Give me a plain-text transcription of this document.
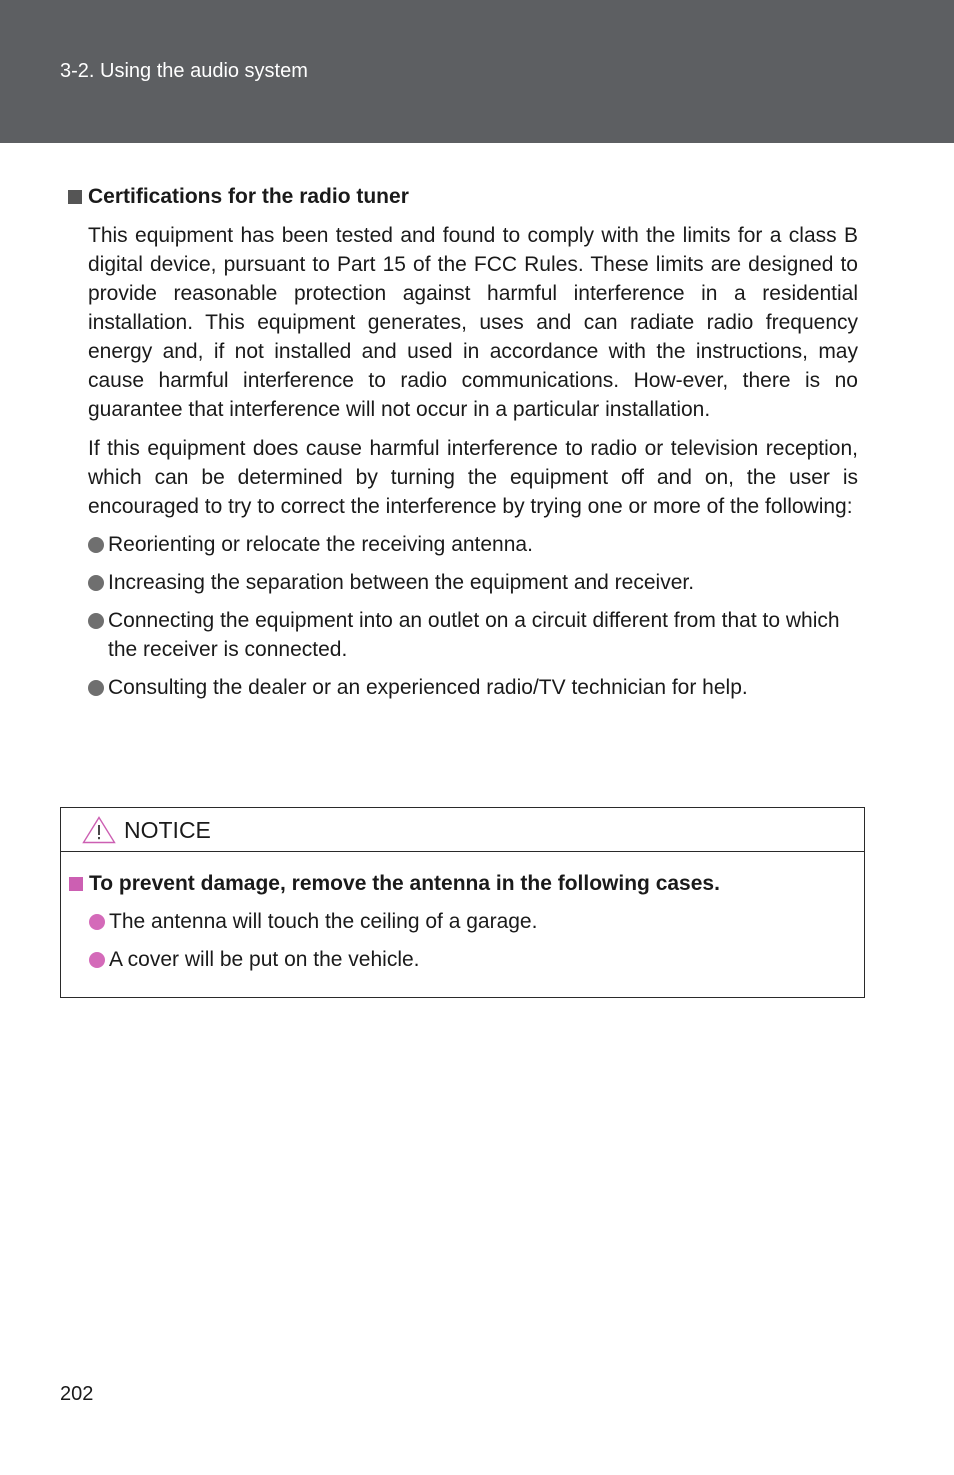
3-2. Using the audio system
Certifications for the radio tuner

This equipment has been tested and found to comply with the limits for a class B digital device, pursuant to Part 15 of the FCC Rules. These limits are designed to provide reasonable protection against harmful interference in a residential installation. This equipment generates, uses and can radiate radio frequency energy and, if not installed and used in accordance with the instructions, may cause harmful interference to radio communications. How-ever, there is no guarantee that interference will not occur in a particular installation.

If this equipment does cause harmful interference to radio or television reception, which can be determined by turning the equipment off and on, the user is encouraged to try to correct the interference by trying one or more of the following:

Reorienting or relocate the receiving antenna.
Increasing the separation between the equipment and receiver.
Connecting the equipment into an outlet on a circuit different from that to which the receiver is connected.
Consulting the dealer or an experienced radio/TV technician for help.
NOTICE
To prevent damage, remove the antenna in the following cases.
The antenna will touch the ceiling of a garage.
A cover will be put on the vehicle.
202
